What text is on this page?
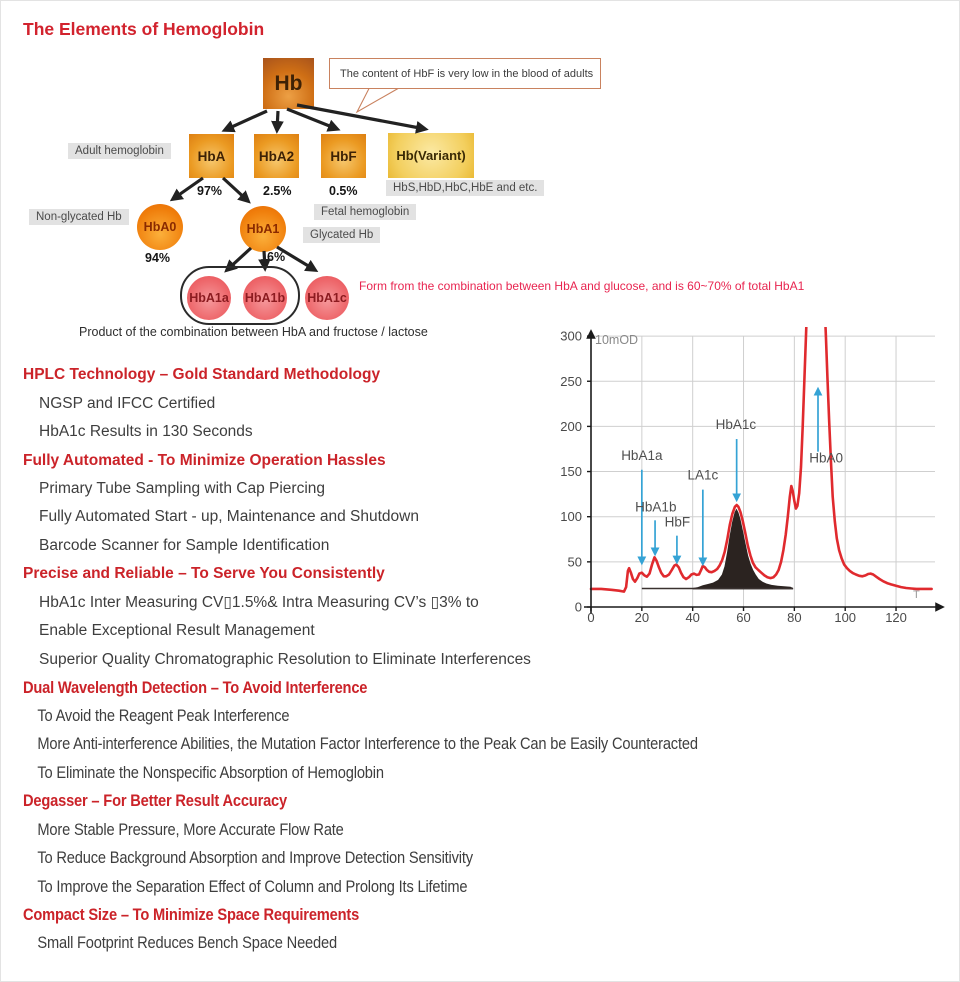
The Elements of Hemoglobin
The content of HbF is very low in the blood of adults
Hb
HbA	HbA2	HbF	Hb(Variant)
HbA0	HbA1
HbA1a HbA1b HbA1c
Adult hemoglobin
HbS,HbD,HbC,HbE and etc.
Non-glycated Hb	Fetal hemoglobin
Glycated Hb
97%	2.5%	0.5%
94%	6%
Form from the combination between HbA and glucose, and is 60~70% of total HbA1
Product of the combination between HbA and fructose / lactose
HPLC Technology – Gold Standard Methodology
NGSP and IFCC Certified
HbA1c Results in 130 Seconds
Fully Automated - To Minimize Operation Hassles
Primary Tube Sampling with Cap Piercing
Fully Automated Start - up, Maintenance and Shutdown
Barcode Scanner for Sample Identification
Precise and Reliable – To Serve You Consistently
HbA1c Inter Measuring CV▯1.5%& Intra Measuring CV’s ▯3% to
Enable Exceptional Result Management
Superior Quality Chromatographic Resolution to Eliminate Interferences
Dual Wavelength Detection – To Avoid Interference
To Avoid the Reagent Peak Interference
More Anti-interference Abilities, the Mutation Factor Interference to the Peak Can be Easily Counteracted
To Eliminate the Nonspecific Absorption of Hemoglobin
Degasser – For Better Result Accuracy
More Stable Pressure, More Accurate Flow Rate
To Reduce Background Absorption and Improve Detection Sensitivity
To Improve the Separation Effect of Column and Prolong Its Lifetime
Compact Size – To Minimize Space Requirements
Small Footprint Reduces Bench Space Needed
0
50
100
150
200
250
300
0	20	40	60	80	100 120
10mOD
T
HbA1a
HbA1b
HbF
LA1c
HbA1c
HbA0
